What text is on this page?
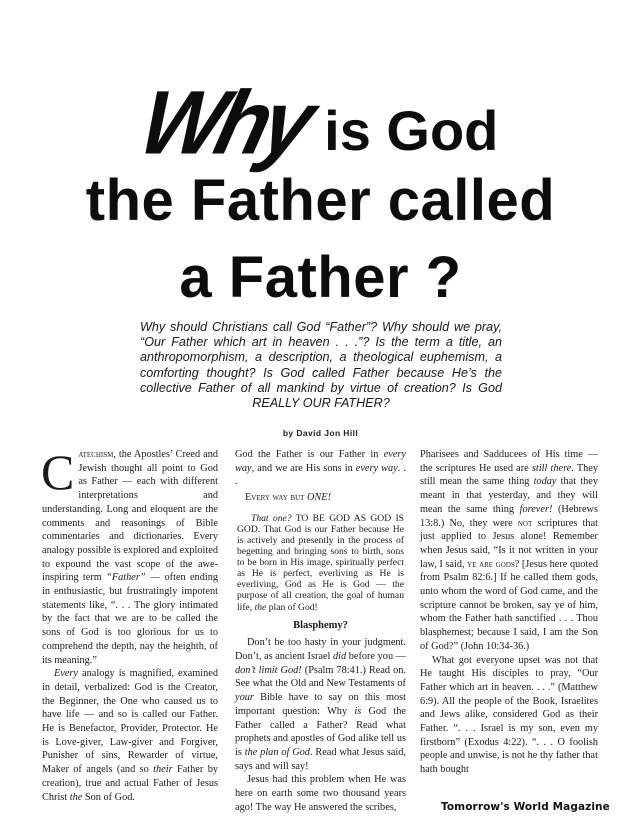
Whyis God
the Father called
a Father ?
Why should Christians call God “Father”? Why should we pray, “Our Father which art in heaven . . .”? Is the term a title, an anthropomorphism, a description, a theological euphemism, a comforting thought? Is God called Father because He’s the collective Father of all mankind by virtue of creation? Is God REALLY OUR FATHER?
by David Jon Hill

Catechism, the Apostles’ Creed and Jewish thought all point to God as Father — each with different interpretations and understanding. Long and eloquent are the comments and reasonings of Bible commentaries and dictionaries. Every analogy possible is explored and exploited to expound the vast scope of the awe-inspiring term “Father” — often ending in enthusiastic, but frustratingly impotent statements like, “. . . The glory intimated by the fact that we are to be called the sons of God is too glorious for us to comprehend the depth, nay the heighth, of its meaning.”

Every analogy is magnified, examined in detail, verbalized: God is the Creator, the Beginner, the One who caused us to have life — and so is called our Father. He is Benefactor, Provider, Protector. He is Love-giver, Law-giver and Forgiver, Punisher of sins, Rewarder of virtue, Maker of angels (and so their Father by creation), true and actual Father of Jesus Christ the Son of God.

God the Father is our Father in every way, and we are His sons in every way. . .

Every way but ONE!

That one? TO BE GOD AS GOD IS GOD. That God is our Father because He is actively and presently in the process of begetting and bringing sons to birth, sons to be born in His image, spiritually perfect as He is perfect, everliving as He is everliving, God as He is God — the purpose of all creation, the goal of human life, the plan of God!

Blasphemy?

Don’t be too hasty in your judgment. Don’t, as ancient Israel did before you — don’t limit God! (Psalm 78:41.) Read on. See what the Old and New Testaments of your Bible have to say on this most important question: Why is God the Father called a Father? Read what prophets and apostles of God alike tell us is the plan of God. Read what Jesus said, says and will say!

Jesus had this problem when He was here on earth some two thousand years ago! The way He answered the scribes,

Pharisees and Sadducees of His time — the scriptures He used are still there. They still mean the same thing today that they meant in that yesterday, and they will mean the same thing forever! (Hebrews 13:8.) No, they were not scriptures that just applied to Jesus alone! Remember when Jesus said, “Is it not written in your law, I said, ye are gods? [Jesus here quoted from Psalm 82:6.] If he called them gods, unto whom the word of God came, and the scripture cannot be broken, say ye of him, whom the Father hath sanctified . . . Thou blasphemest; because I said, I am the Son of God?” (John 10:34-36.)

What got everyone upset was not that He taught His disciples to pray, “Our Father which art in heaven. . . .” (Matthew 6:9). All the people of the Book, Israelites and Jews alike, considered God as their Father. “. . . Israel is my son, even my firstborn” (Exodus 4:22). “. . . O foolish people and unwise, is not he thy father that hath bought

Tomorrow's World Magazine
